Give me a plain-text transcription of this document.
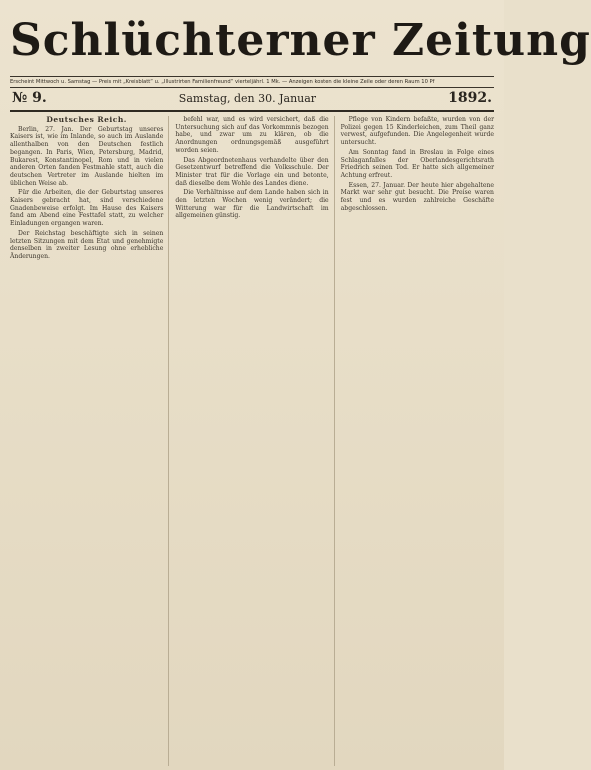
Schlüchterner Zeitung
Erscheint Mittwoch u. Samstag — Preis mit „Kreisblatt“ u. „Illustrirten Familienfreund“ vierteljährl. 1 Mk. — Anzeigen kosten die kleine Zeile oder deren Raum 10 Pf
№ 9.	Samstag, den 30. Januar	1892.
Deutsches Reich.

Berlin, 27. Jan. Der Geburtstag unseres Kaisers ist, wie im Inlande, so auch im Auslande allenthalben von den Deutschen festlich begangen. In Paris, Wien, Petersburg, Madrid, Bukarest, Konstantinopel, Rom und in vielen anderen Orten fanden Festmahle statt, auch die deutschen Vertreter im Auslande hielten im üblichen Weise ab.

Für die Arbeiten, die der Geburtstag unseres Kaisers gebracht hat, sind verschiedene Gnadenbeweise erfolgt. Im Hause des Kaisers fand am Abend eine Festtafel statt, zu welcher Einladungen ergangen waren.

Der Reichstag beschäftigte sich in seinen letzten Sitzungen mit dem Etat und genehmigte denselben in zweiter Lesung ohne erhebliche Änderungen.

befehl war, und es wird versichert, daß die Untersuchung sich auf das Vorkommnis bezogen habe, und zwar um zu klären, ob die Anordnungen ordnungsgemäß ausgeführt worden seien.

Das Abgeordnetenhaus verhandelte über den Gesetzentwurf betreffend die Volksschule. Der Minister trat für die Vorlage ein und betonte, daß dieselbe dem Wohle des Landes diene.

Die Verhältnisse auf dem Lande haben sich in den letzten Wochen wenig verändert; die Witterung war für die Landwirtschaft im allgemeinen günstig.

Pflege von Kindern befaßte, wurden von der Polizei gegen 15 Kinderleichen, zum Theil ganz verwest, aufgefunden. Die Angelegenheit wurde untersucht.

Am Sonntag fand in Breslau in Folge eines Schlaganfalles der Oberlandesgerichtsrath Friedrich seinen Tod. Er hatte sich allgemeiner Achtung erfreut.

Essen, 27. Januar. Der heute hier abgehaltene Markt war sehr gut besucht. Die Preise waren fest und es wurden zahlreiche Geschäfte abgeschlossen.
